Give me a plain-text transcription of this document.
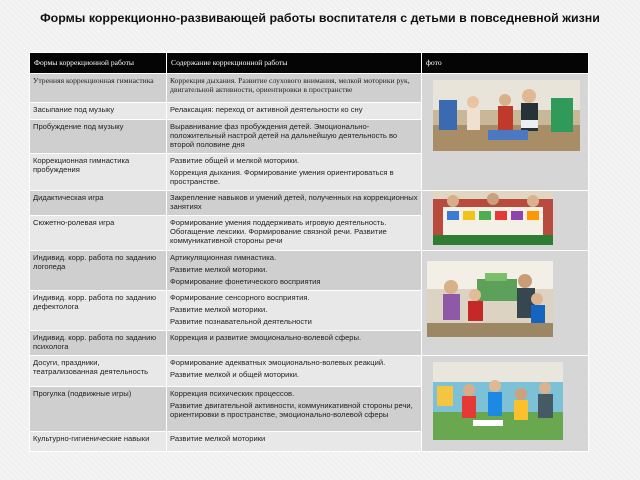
Формы коррекционно-развивающей работы воспитателя с детьми в повседневной жизни
Формы коррекционной работы	Содержание коррекционной работы	фото
Утренняя коррекционная гимнастика	Коррекция дыхания. Развитие слухового внимания, мелкой моторики рук, двигательной активности, ориентировки в пространстве

Засыпание под музыку	Релаксация: переход от активной деятельности ко сну	

Пробуждение под музыку	Выравнивание фаз пробуждения детей. Эмоционально-положительный настрой детей на дальнейшую деятельность во второй половине дня	

Коррекционная гимнастика пробуждения	Развитие общей и мелкой моторики.

Коррекция дыхания. Формирование умения ориентироваться в пространстве.	

Дидактическая игра	Закрепление навыков и умений детей, полученных на коррекционных занятиях

Сюжетно-ролевая игра	Формирование умения поддерживать игровую деятельность. Обогащение лексики. Формирование связной речи. Развитие коммуникативной стороны речи	

Индивид. корр. работа по заданию логопеда	Артикуляционная гимнастика.

Развитие мелкой моторики.

Формирование фонетического восприятия

Индивид. корр. работа по заданию дефектолога	Формирование сенсорного восприятия.

Развитие мелкой моторики.

Развитие познавательной деятельности	

Индивид. корр. работа по заданию психолога	Коррекция и развитие эмоционально-волевой сферы.	

Досуги, праздники, театрализованная деятельность	Формирование адекватных эмоционально-волевых реакций.

Развитие мелкой и общей моторики.

Прогулка (подвижные игры)	Коррекция психических процессов.

Развитие двигательной активности, коммуникативной стороны речи, ориентировки в пространстве, эмоционально-волевой сферы	

Культурно-гигиенические навыки	Развитие мелкой моторики	
